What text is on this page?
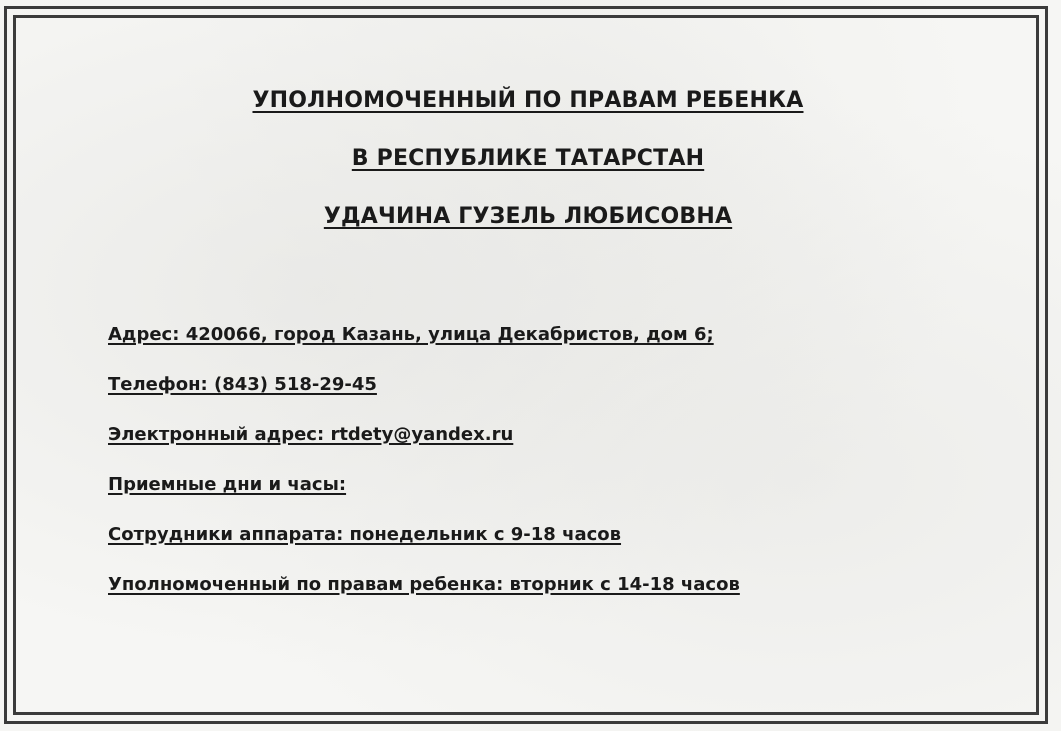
УПОЛНОМОЧЕННЫЙ ПО ПРАВАМ РЕБЕНКА
В РЕСПУБЛИКЕ ТАТАРСТАН
УДАЧИНА ГУЗЕЛЬ ЛЮБИСОВНА
Адрес: 420066, город Казань, улица Декабристов, дом 6;
Телефон: (843) 518-29-45
Электронный адрес: rtdety@yandex.ru
Приемные дни и часы:
Сотрудники аппарата: понедельник с 9-18 часов
Уполномоченный по правам ребенка: вторник с 14-18 часов
